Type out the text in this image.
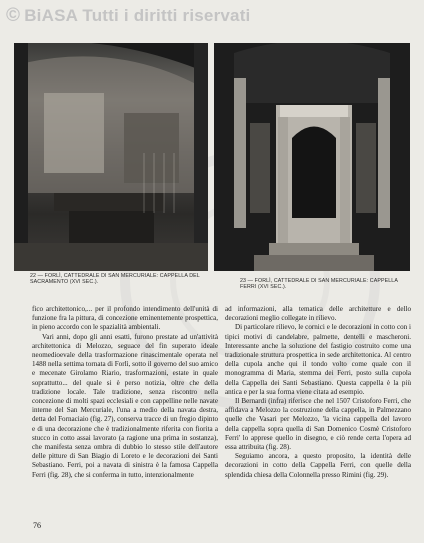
© BiASA Tutti i diritti riservati
22 — FORLÌ, CATTEDRALE DI SAN MERCURIALE: CAPPELLA DEL SACRAMENTO (XVI SEC.).	23 — FORLÌ, CATTEDRALE DI SAN MERCURIALE: CAPPELLA FERRI (XVI SEC.).

fico architettonico,... per il profondo intendimento dell'unità di funzione fra la pittura, di concezione eminentemente prospettica, in pieno accordo con le spazialità ambientali.

Vari anni, dopo gli anni esatti, furono prestate ad un'attività architettonica di Melozzo, seguace del fin superato ideale neomedioevale della trasformazione rinascimentale operata nel 1488 nella settima tornata di Forlì, sotto il governo del suo amico e mecenate Girolamo Riario, trasformazioni, estate in quale soprattutto... del quale si è perso notizia, oltre che della tradizione locale. Tale tradizione, senza riscontro nella concezione di molti spazi ecclesiali e con cappelline nelle navate interne del San Mercuriale, l'una a medio della navata destra, detta del Fornaciaio (fig. 27), conserva tracce di un fregio dipinto e di una decorazione che è tradizionalmente riferita con fiorita a stucco in cotto assai lavorato (a ragione una prima in sostanza), che manifesta senza ombra di dubbio lo stesso stile dell'autore delle pitture di San Biagio di Loreto e le decorazioni dei Santi Sebastiano. Ferri, poi a navata di sinistra è la famosa Cappella Ferri (fig. 28), che si conferma in tutto, intenzionalmente

ad informazioni, alla tematica delle architetture e dello decorazioni meglio collegate in rilievo.

Di particolare rilievo, le cornici e le decorazioni in cotto con i tipici motivi di candelabre, palmette, dentelli e mascheroni. Interessante anche la soluzione del fastigio costruito come una tradizionale struttura prospettica in sede architettonica. Al centro della cupola anche qui il tondo volto come quale con il monogramma di Maria, stemma dei Ferri, posto sulla cupola della Cappella dei Santi Sebastiano. Questa cappella è la più antica e per la sua forma viene citata ad esempio.

Il Bernardi (infra) riferisce che nel 1507 Cristoforo Ferri, che affidava a Melozzo la costruzione della cappella, in Palmezzano quelle che Vasari per Melozzo, 'la vicina cappella del lavoro della cappella sopra quella di San Domenico Cosmè Cristoforo Ferri' lo apprese quello in disegno, e ciò rende certa l'opera ad essa attribuita (fig. 28).

Seguiamo ancora, a questo proposito, la identità delle decorazioni in cotto della Cappella Ferri, con quelle della splendida chiesa della Colonnella presso Rimini (fig. 29).

76
